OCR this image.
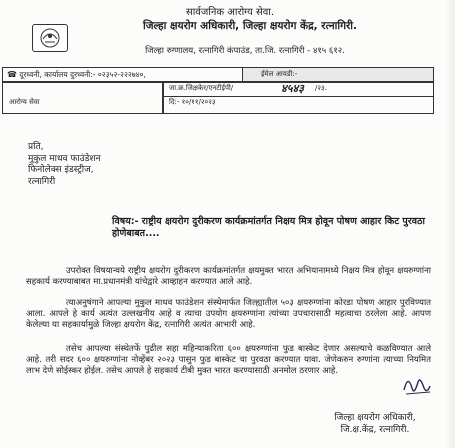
सार्वजनिक आरोग्य सेवा.
जिल्हा क्षयरोग अधिकारी, जिल्हा क्षयरोग केंद्र, रत्नागिरी.
जिल्हा रुग्णालय, रत्नागिरी कंपाउंड, ता.जि. रत्नागिरी - ४१५ ६१२.
☎ दूरध्वनी, कार्यालय दुरध्वनी:- ०२३५२-२२२७४०,	ईमेल आयडी:-
आरोग्य सेवा
जा.क्र.जिक्षकेर/एनटीईपी/	४५४३ /२३.
दि:- १०/११/२०२३
प्रति,
मुकुल माधव फाउंडेशन
फिनोलेक्स इंडस्ट्रीज,
रत्नागिरी
विषय:- राष्ट्रीय क्षयरोग दुरीकरण कार्यक्रमांतर्गत निक्षय मित्र होवून पोषण आहार किट पुरवठा होणेबाबत....
उपरोक्त विषयान्वये राष्ट्रीय क्षयरोग दुरीकरण कार्यक्रमांतर्गत क्षयमुक्त भारत अभियानामध्ये निक्षय मित्र होवून क्षयरुग्णांना सहकार्य करण्याबाबत मा.प्रधानमंत्री यांचेद्वारे आव्हाहन करण्यात आले आहे.
त्याअनुषंगाने आपल्या मुकुल माधव फाउंडेशन संस्थेमार्फत जिल्ह्यातील ५०३ क्षयरुग्णांना कोरडा पोषण आहार पुरविण्यात आला. आपले हे कार्य अत्यंत उल्लखनीय आहे व त्याचा उपयोग क्षयरुग्णांना त्यांच्या उपचारासाठी महत्वाचा ठरलेला आहे. आपण केलेल्या या सहकार्यामुळे जिल्हा क्षयरोग केंद्र, रत्नागिरी अत्यंत आभारी आहे.
तसेच आपल्या संस्थेतर्फे पुढील सहा महिन्याकरिता ६०० क्षयरुग्णांना फुड बास्केट देणार असल्याचे कळविण्यात आले आहे. तरी सदर ६०० क्षयरुग्णांना नोव्हेंबर २०२३ पासुन फुड बास्केट चा पुरवठा करण्यात यावा. जेणेकरुन रुग्णांना त्याच्या नियमित लाभ देणे सोईस्कर होईल. तसेच आपले हे सहकार्य टीबी मुक्त भारत करण्यासाठी अनमोल ठरणार आहे.
जिल्हा क्षयरोग अधिकारी,
जि.क्ष.केंद्र, रत्नागिरी.
